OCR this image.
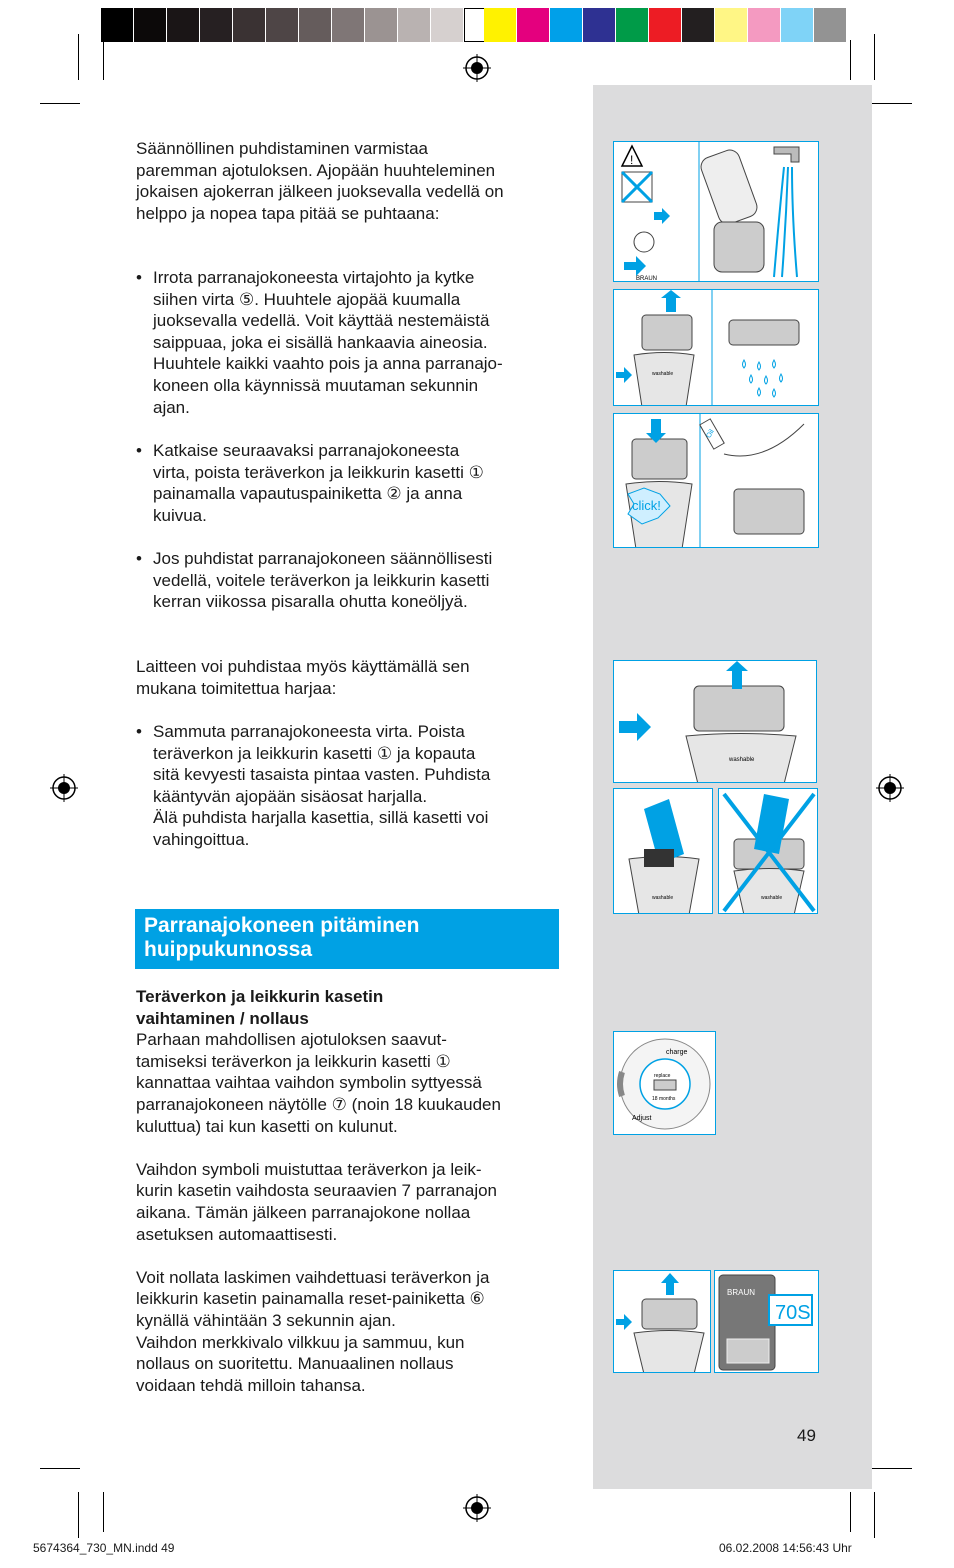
Säännöllinen puhdistaminen varmistaa
paremman ajotuloksen. Ajopään huuhteleminen
jokaisen ajokerran jälkeen juoksevalla vedellä on
helppo ja nopea tapa pitää se puhtaana:
• Irrota parranajokoneesta virtajohto ja kytke
siihen virta ⑤. Huuhtele ajopää kuumalla
juoksevalla vedellä. Voit käyttää nestemäistä
saippuaa, joka ei sisällä hankaavia aineosia.
Huuhtele kaikki vaahto pois ja anna parranajo-
koneen olla käynnissä muutaman sekunnin
ajan.
• Katkaise seuraavaksi parranajokoneesta
virta, poista teräverkon ja leikkurin kasetti ①
painamalla vapautuspainiketta ② ja anna
kuivua.
• Jos puhdistat parranajokoneen säännöllisesti
vedellä, voitele teräverkon ja leikkurin kasetti
kerran viikossa pisaralla ohutta koneöljyä.
Laitteen voi puhdistaa myös käyttämällä sen
mukana toimitettua harjaa:
• Sammuta parranajokoneesta virta. Poista
teräverkon ja leikkurin kasetti ① ja kopauta
sitä kevyesti tasaista pintaa vasten. Puhdista
kääntyvän ajopään sisäosat harjalla.
Älä puhdista harjalla kasettia, sillä kasetti voi
vahingoittua.
Parranajokoneen pitäminen
huippukunnossa
Teräverkon ja leikkurin kasetin
vaihtaminen / nollaus
Parhaan mahdollisen ajotuloksen saavut-
tamiseksi teräverkon ja leikkurin kasetti ①
kannattaa vaihtaa vaihdon symbolin syttyessä
parranajokoneen näytölle ⑦ (noin 18 kuukauden
kuluttua) tai kun kasetti on kulunut.
Vaihdon symboli muistuttaa teräverkon ja leik-
kurin kasetin vaihdosta seuraavien 7 parranajon
aikana. Tämän jälkeen parranajokone nollaa
asetuksen automaattisesti.
Voit nollata laskimen vaihdettuasi teräverkon ja
leikkurin kasetin painamalla reset-painiketta ⑥
kynällä vähintään 3 sekunnin ajan.
Vaihdon merkkivalo vilkkuu ja sammuu, kun
nollaus on suoritettu. Manuaalinen nollaus
voidaan tehdä milloin tahansa.
!
BRAUN
washable
click!
Oil
washable
washable	washable
charge
replace
18 months
Adjust
BRAUN
70S
49
5674364_730_MN.indd 49	06.02.2008 14:56:43 Uhr
